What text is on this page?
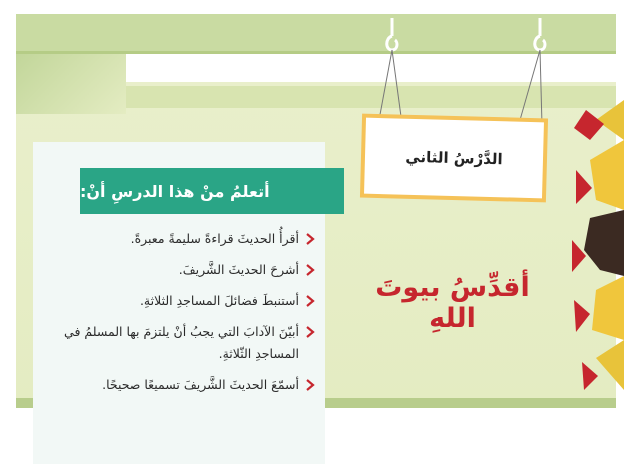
الدَّرْسُ الثاني
أقدِّسُ بيوتَ اللهِ
أتعلمُ منْ هذا الدرسِ أنْ:
أقرأُ الحديثَ قراءةً سليمةً معبرةً.
أشرحَ الحديثَ الشَّريفَ.
أستنبطَ فضائلَ المساجدِ الثلاثةِ.
أبيّنَ الآدابَ التي يجبُ أنْ يلتزمَ بها المسلمُ في المساجدِ الثّلاثةِ.
أسمّعَ الحديثَ الشَّريفَ تسميعًا صحيحًا.
